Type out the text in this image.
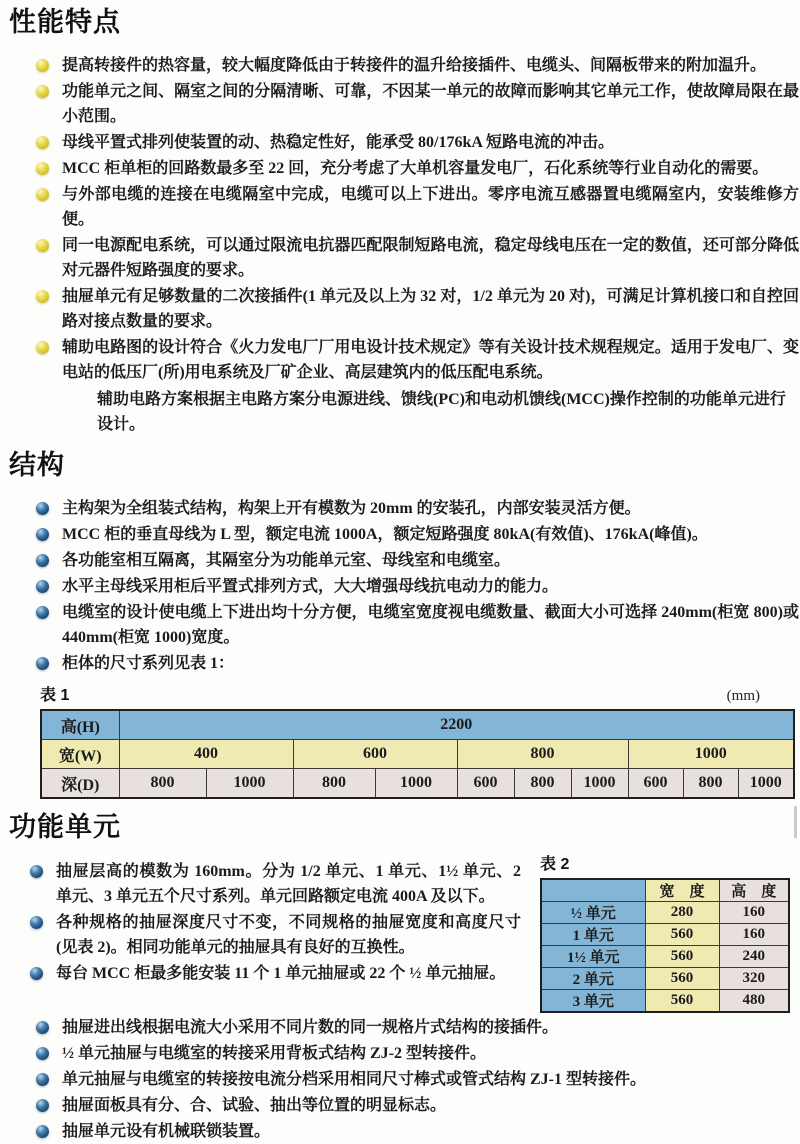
性能特点

提高转接件的热容量，较大幅度降低由于转接件的温升给接插件、电缆头、间隔板带来的附加温升。

功能单元之间、隔室之间的分隔清晰、可靠，不因某一单元的故障而影响其它单元工作，使故障局限在最小范围。

母线平置式排列使装置的动、热稳定性好，能承受 80/176kA 短路电流的冲击。

MCC 柜单柜的回路数最多至 22 回，充分考虑了大单机容量发电厂，石化系统等行业自动化的需要。

与外部电缆的连接在电缆隔室中完成，电缆可以上下进出。零序电流互感器置电缆隔室内，安装维修方便。

同一电源配电系统，可以通过限流电抗器匹配限制短路电流，稳定母线电压在一定的数值，还可部分降低对元器件短路强度的要求。

抽屉单元有足够数量的二次接插件(1 单元及以上为 32 对，1/2 单元为 20 对)，可满足计算机接口和自控回路对接点数量的要求。

辅助电路图的设计符合《火力发电厂厂用电设计技术规定》等有关设计技术规程规定。适用于发电厂、变电站的低压厂(所)用电系统及厂矿企业、高层建筑内的低压配电系统。

辅助电路方案根据主电路方案分电源进线、馈线(PC)和电动机馈线(MCC)操作控制的功能单元进行设计。

结构

主构架为全组装式结构，构架上开有模数为 20mm 的安装孔，内部安装灵活方便。

MCC 柜的垂直母线为 L 型，额定电流 1000A，额定短路强度 80kA(有效值)、176kA(峰值)。

各功能室相互隔离，其隔室分为功能单元室、母线室和电缆室。

水平主母线采用柜后平置式排列方式，大大增强母线抗电动力的能力。

电缆室的设计使电缆上下进出均十分方便，电缆室宽度视电缆数量、截面大小可选择 240mm(柜宽 800)或 440mm(柜宽 1000)宽度。

柜体的尺寸系列见表 1：

表 1	(mm)
高(H)	2200									
宽(W)	400		600		800			1000		
深(D)	800	1000	800	1000	600	800	1000	600	800	1000
功能单元

抽屉层高的模数为 160mm。分为 1/2 单元、1 单元、1½ 单元、2 单元、3 单元五个尺寸系列。单元回路额定电流 400A 及以下。

各种规格的抽屉深度尺寸不变，不同规格的抽屉宽度和高度尺寸(见表 2)。相同功能单元的抽屉具有良好的互换性。

每台 MCC 柜最多能安装 11 个 1 单元抽屉或 22 个 ½ 单元抽屉。

表 2
	宽　度	高　度
½ 单元	280	160
1 单元	560	160
1½ 单元	560	240
2 单元	560	320
3 单元	560	480

抽屉进出线根据电流大小采用不同片数的同一规格片式结构的接插件。

½ 单元抽屉与电缆室的转接采用背板式结构 ZJ-2 型转接件。

单元抽屉与电缆室的转接按电流分档采用相同尺寸棒式或管式结构 ZJ-1 型转接件。

抽屉面板具有分、合、试验、抽出等位置的明显标志。

抽屉单元设有机械联锁装置。
